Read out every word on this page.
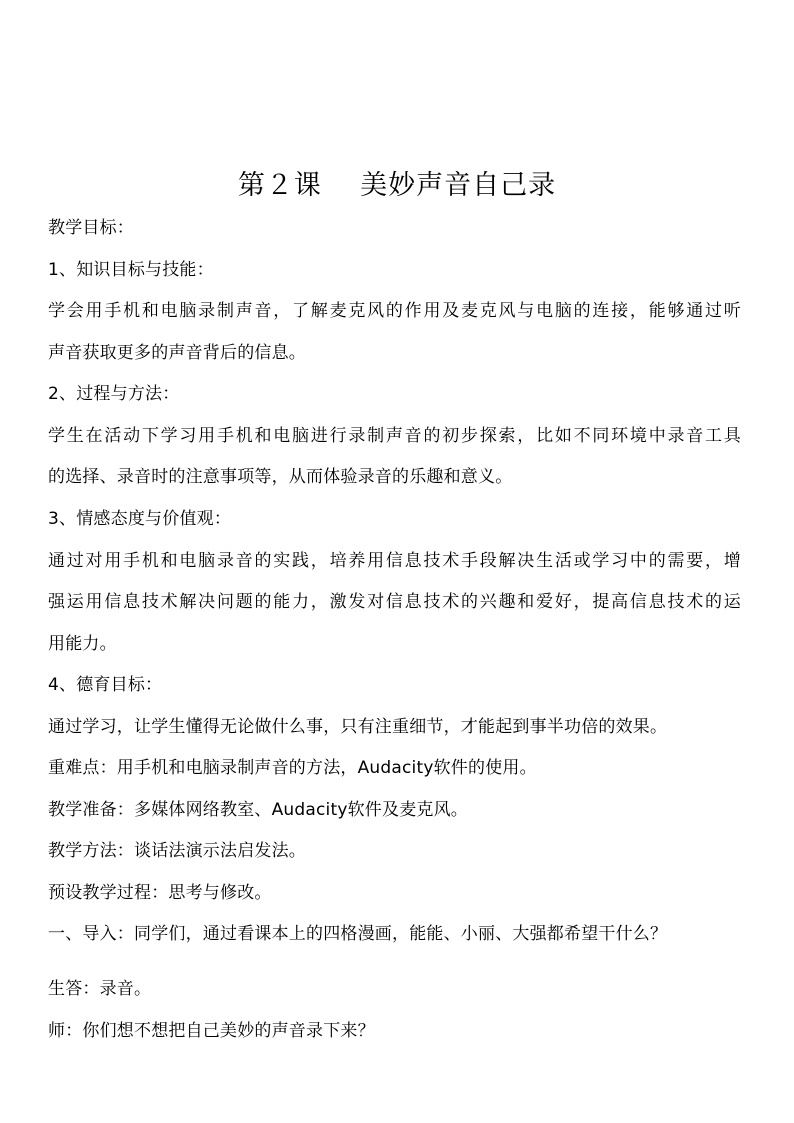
第２课    美妙声音自己录
教学目标：
1、知识目标与技能：
学会用手机和电脑录制声音，了解麦克风的作用及麦克风与电脑的连接，能够通过听
声音获取更多的声音背后的信息。
2、过程与方法：
学生在活动下学习用手机和电脑进行录制声音的初步探索，比如不同环境中录音工具
的选择、录音时的注意事项等，从而体验录音的乐趣和意义。
3、情感态度与价值观：
通过对用手机和电脑录音的实践，培养用信息技术手段解决生活或学习中的需要，增
强运用信息技术解决问题的能力，激发对信息技术的兴趣和爱好，提高信息技术的运
用能力。
4、德育目标：
通过学习，让学生懂得无论做什么事，只有注重细节，才能起到事半功倍的效果。
重难点：用手机和电脑录制声音的方法，Audacity软件的使用。
教学准备：多媒体网络教室、Audacity软件及麦克风。
教学方法：谈话法演示法启发法。
预设教学过程：思考与修改。
一、导入：同学们，通过看课本上的四格漫画，能能、小丽、大强都希望干什么？
生答：录音。
师：你们想不想把自己美妙的声音录下来？
